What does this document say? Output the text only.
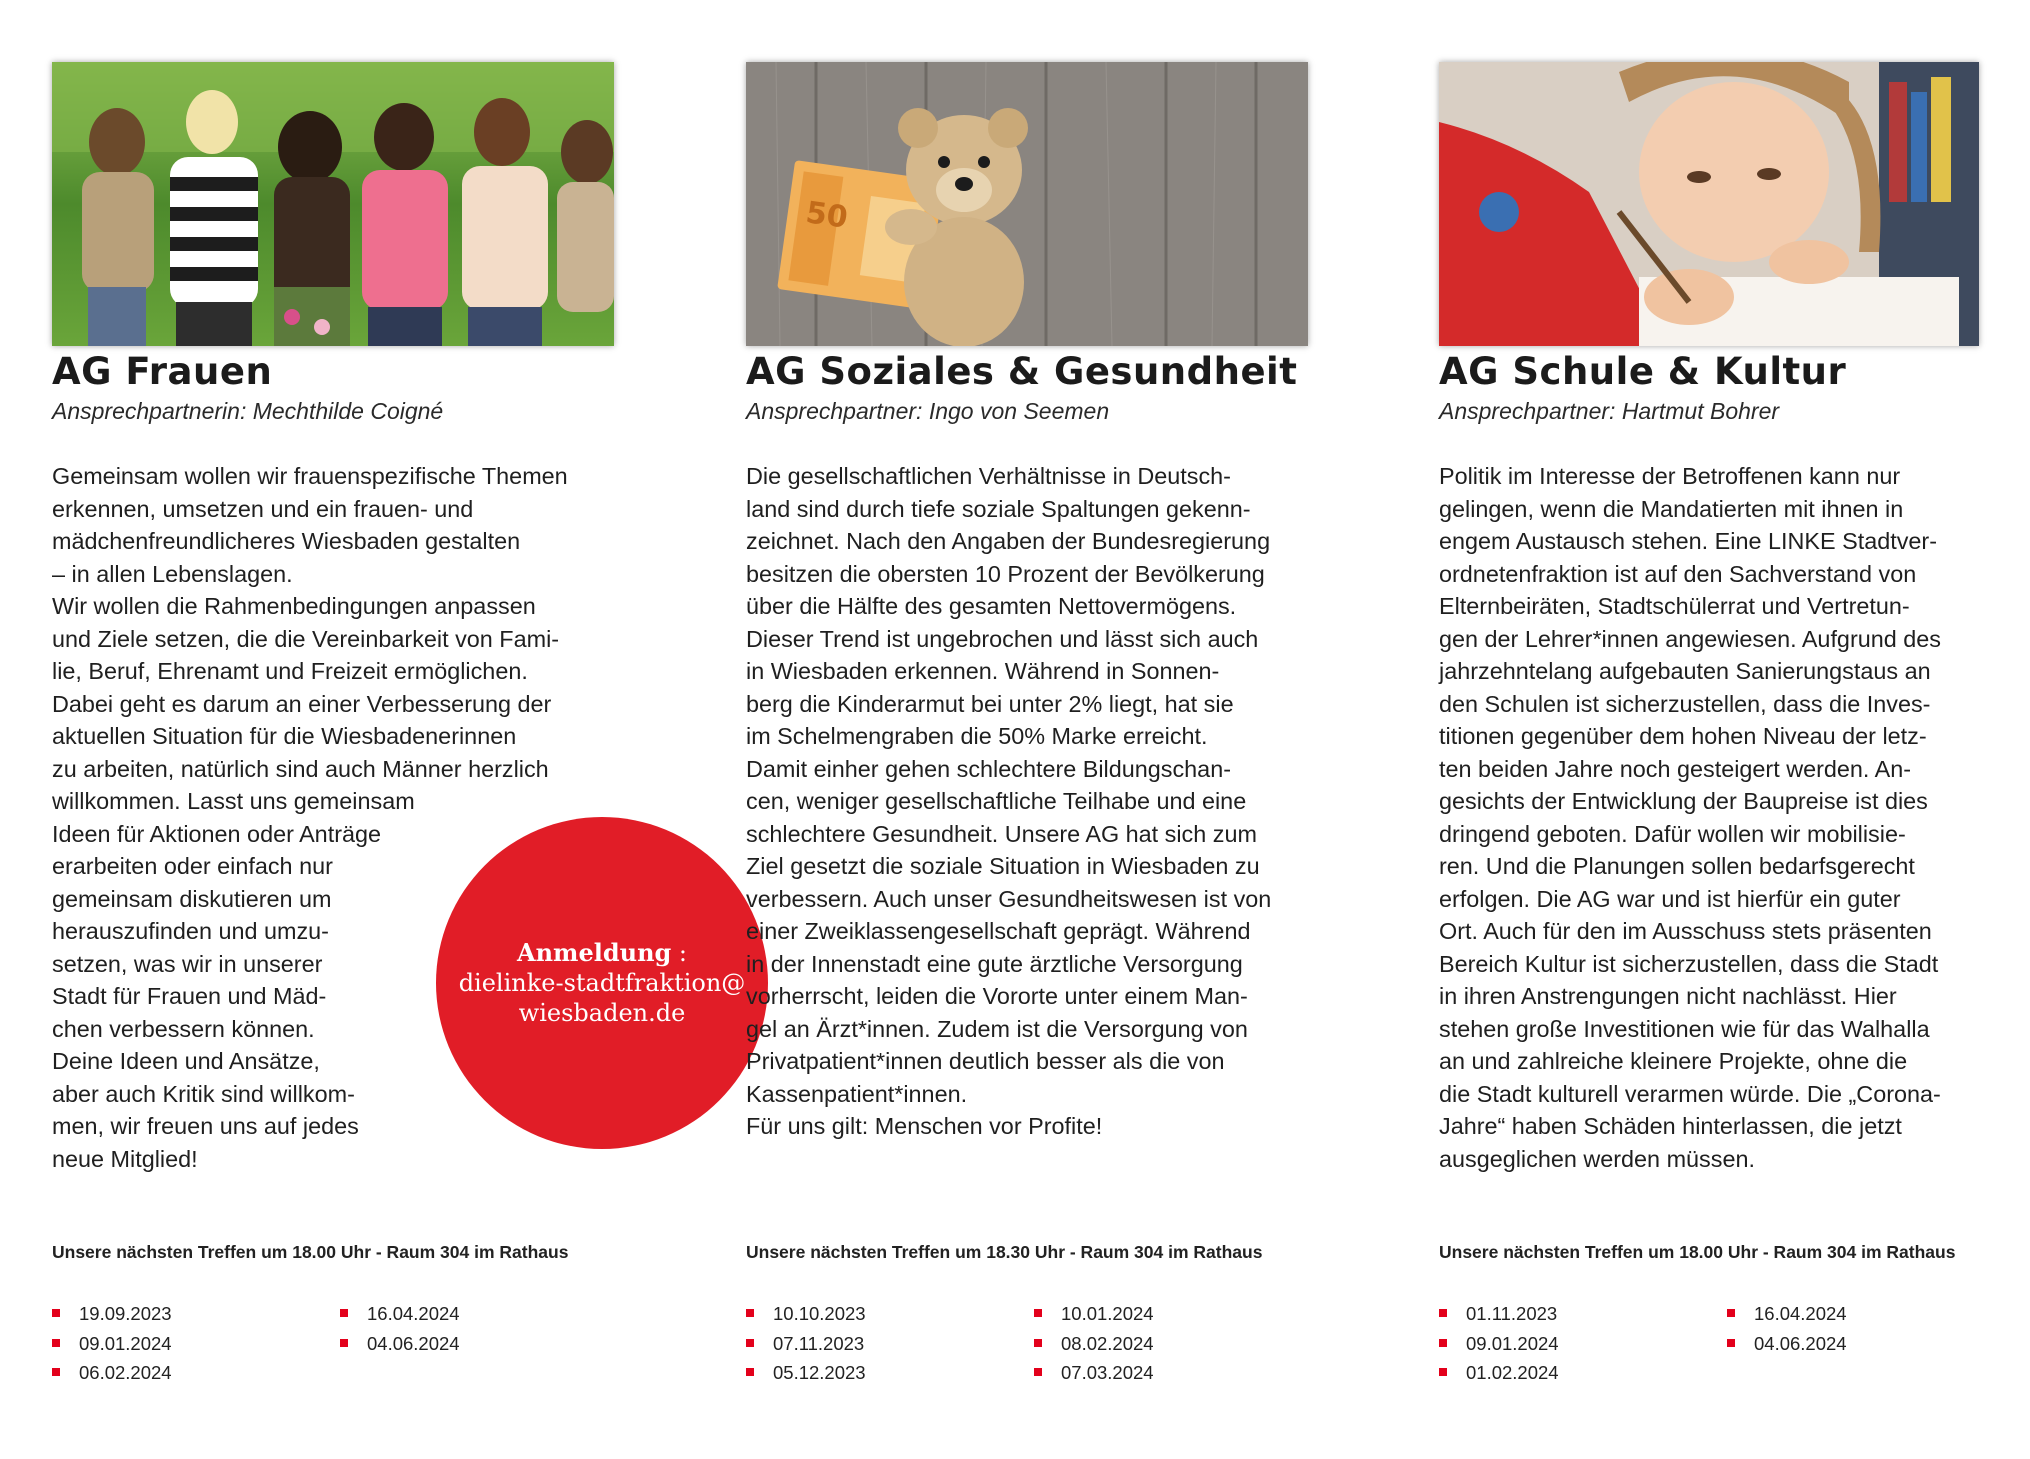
AG Frauen
Ansprechpartnerin: Mechthilde Coigné

Gemeinsam wollen wir frauenspezifische Themen

erkennen, umsetzen und ein frauen- und

mädchenfreundlicheres Wiesbaden gestalten

– in allen Lebenslagen.

Wir wollen die Rahmenbedingungen anpassen

und Ziele setzen, die die Vereinbarkeit von Fami-

lie, Beruf, Ehrenamt und Freizeit ermöglichen.

Dabei geht es darum an einer Verbesserung der

aktuellen Situation für die Wiesbadenerinnen

zu arbeiten, natürlich sind auch Männer herzlich

willkommen. Lasst uns gemeinsam

Ideen für Aktionen oder Anträge

erarbeiten oder einfach nur

gemeinsam diskutieren um

herauszufinden und umzu-

setzen, was wir in unserer

Stadt für Frauen und Mäd-

chen verbessern können.

Deine Ideen und Ansätze,

aber auch Kritik sind willkom-

men, wir freuen uns auf jedes

neue Mitglied!

Anmeldung :
dielinke-stadtfraktion@
wiesbaden.de
Unsere nächsten Treffen um 18.00 Uhr - Raum 304 im Rathaus
19.09.2023
09.01.2024
06.02.2024
16.04.2024
04.06.2024
50
AG Soziales & Gesundheit
Ansprechpartner: Ingo von Seemen

Die gesellschaftlichen Verhältnisse in Deutsch-

land sind durch tiefe soziale Spaltungen gekenn-

zeichnet. Nach den Angaben der Bundesregierung

besitzen die obersten 10 Prozent der Bevölkerung

über die Hälfte des gesamten Nettovermögens.

Dieser Trend ist ungebrochen und lässt sich auch

in Wiesbaden erkennen. Während in Sonnen-

berg die Kinderarmut bei unter 2% liegt, hat sie

im Schelmengraben die 50% Marke erreicht.

Damit einher gehen schlechtere Bildungschan-

cen, weniger gesellschaftliche Teilhabe und eine

schlechtere Gesundheit. Unsere AG hat sich zum

Ziel gesetzt die soziale Situation in Wiesbaden zu

verbessern. Auch unser Gesundheitswesen ist von

einer Zweiklassengesellschaft geprägt. Während

in der Innenstadt eine gute ärztliche Versorgung

vorherrscht, leiden die Vororte unter einem Man-

gel an Ärzt*innen. Zudem ist die Versorgung von

Privatpatient*innen deutlich besser als die von

Kassenpatient*innen.

Für uns gilt: Menschen vor Profite!

Unsere nächsten Treffen um 18.30 Uhr - Raum 304 im Rathaus
10.10.2023
07.11.2023
05.12.2023
10.01.2024
08.02.2024
07.03.2024
AG Schule & Kultur
Ansprechpartner: Hartmut Bohrer

Politik im Interesse der Betroffenen kann nur

gelingen, wenn die Mandatierten mit ihnen in

engem Austausch stehen. Eine LINKE Stadtver-

ordnetenfraktion ist auf den Sachverstand von

Elternbeiräten, Stadtschülerrat und Vertretun-

gen der Lehrer*innen angewiesen. Aufgrund des

jahrzehntelang aufgebauten Sanierungstaus an

den Schulen ist sicherzustellen, dass die Inves-

titionen gegenüber dem hohen Niveau der letz-

ten beiden Jahre noch gesteigert werden. An-

gesichts der Entwicklung der Baupreise ist dies

dringend geboten. Dafür wollen wir mobilisie-

ren. Und die Planungen sollen bedarfsgerecht

erfolgen. Die AG war und ist hierfür ein guter

Ort. Auch für den im Ausschuss stets präsenten

Bereich Kultur ist sicherzustellen, dass die Stadt

in ihren Anstrengungen nicht nachlässt. Hier

stehen große Investitionen wie für das Walhalla

an und zahlreiche kleinere Projekte, ohne die

die Stadt kulturell verarmen würde. Die „Corona-

Jahre“ haben Schäden hinterlassen, die jetzt

ausgeglichen werden müssen.

Unsere nächsten Treffen um 18.00 Uhr - Raum 304 im Rathaus
01.11.2023
09.01.2024
01.02.2024
16.04.2024
04.06.2024
